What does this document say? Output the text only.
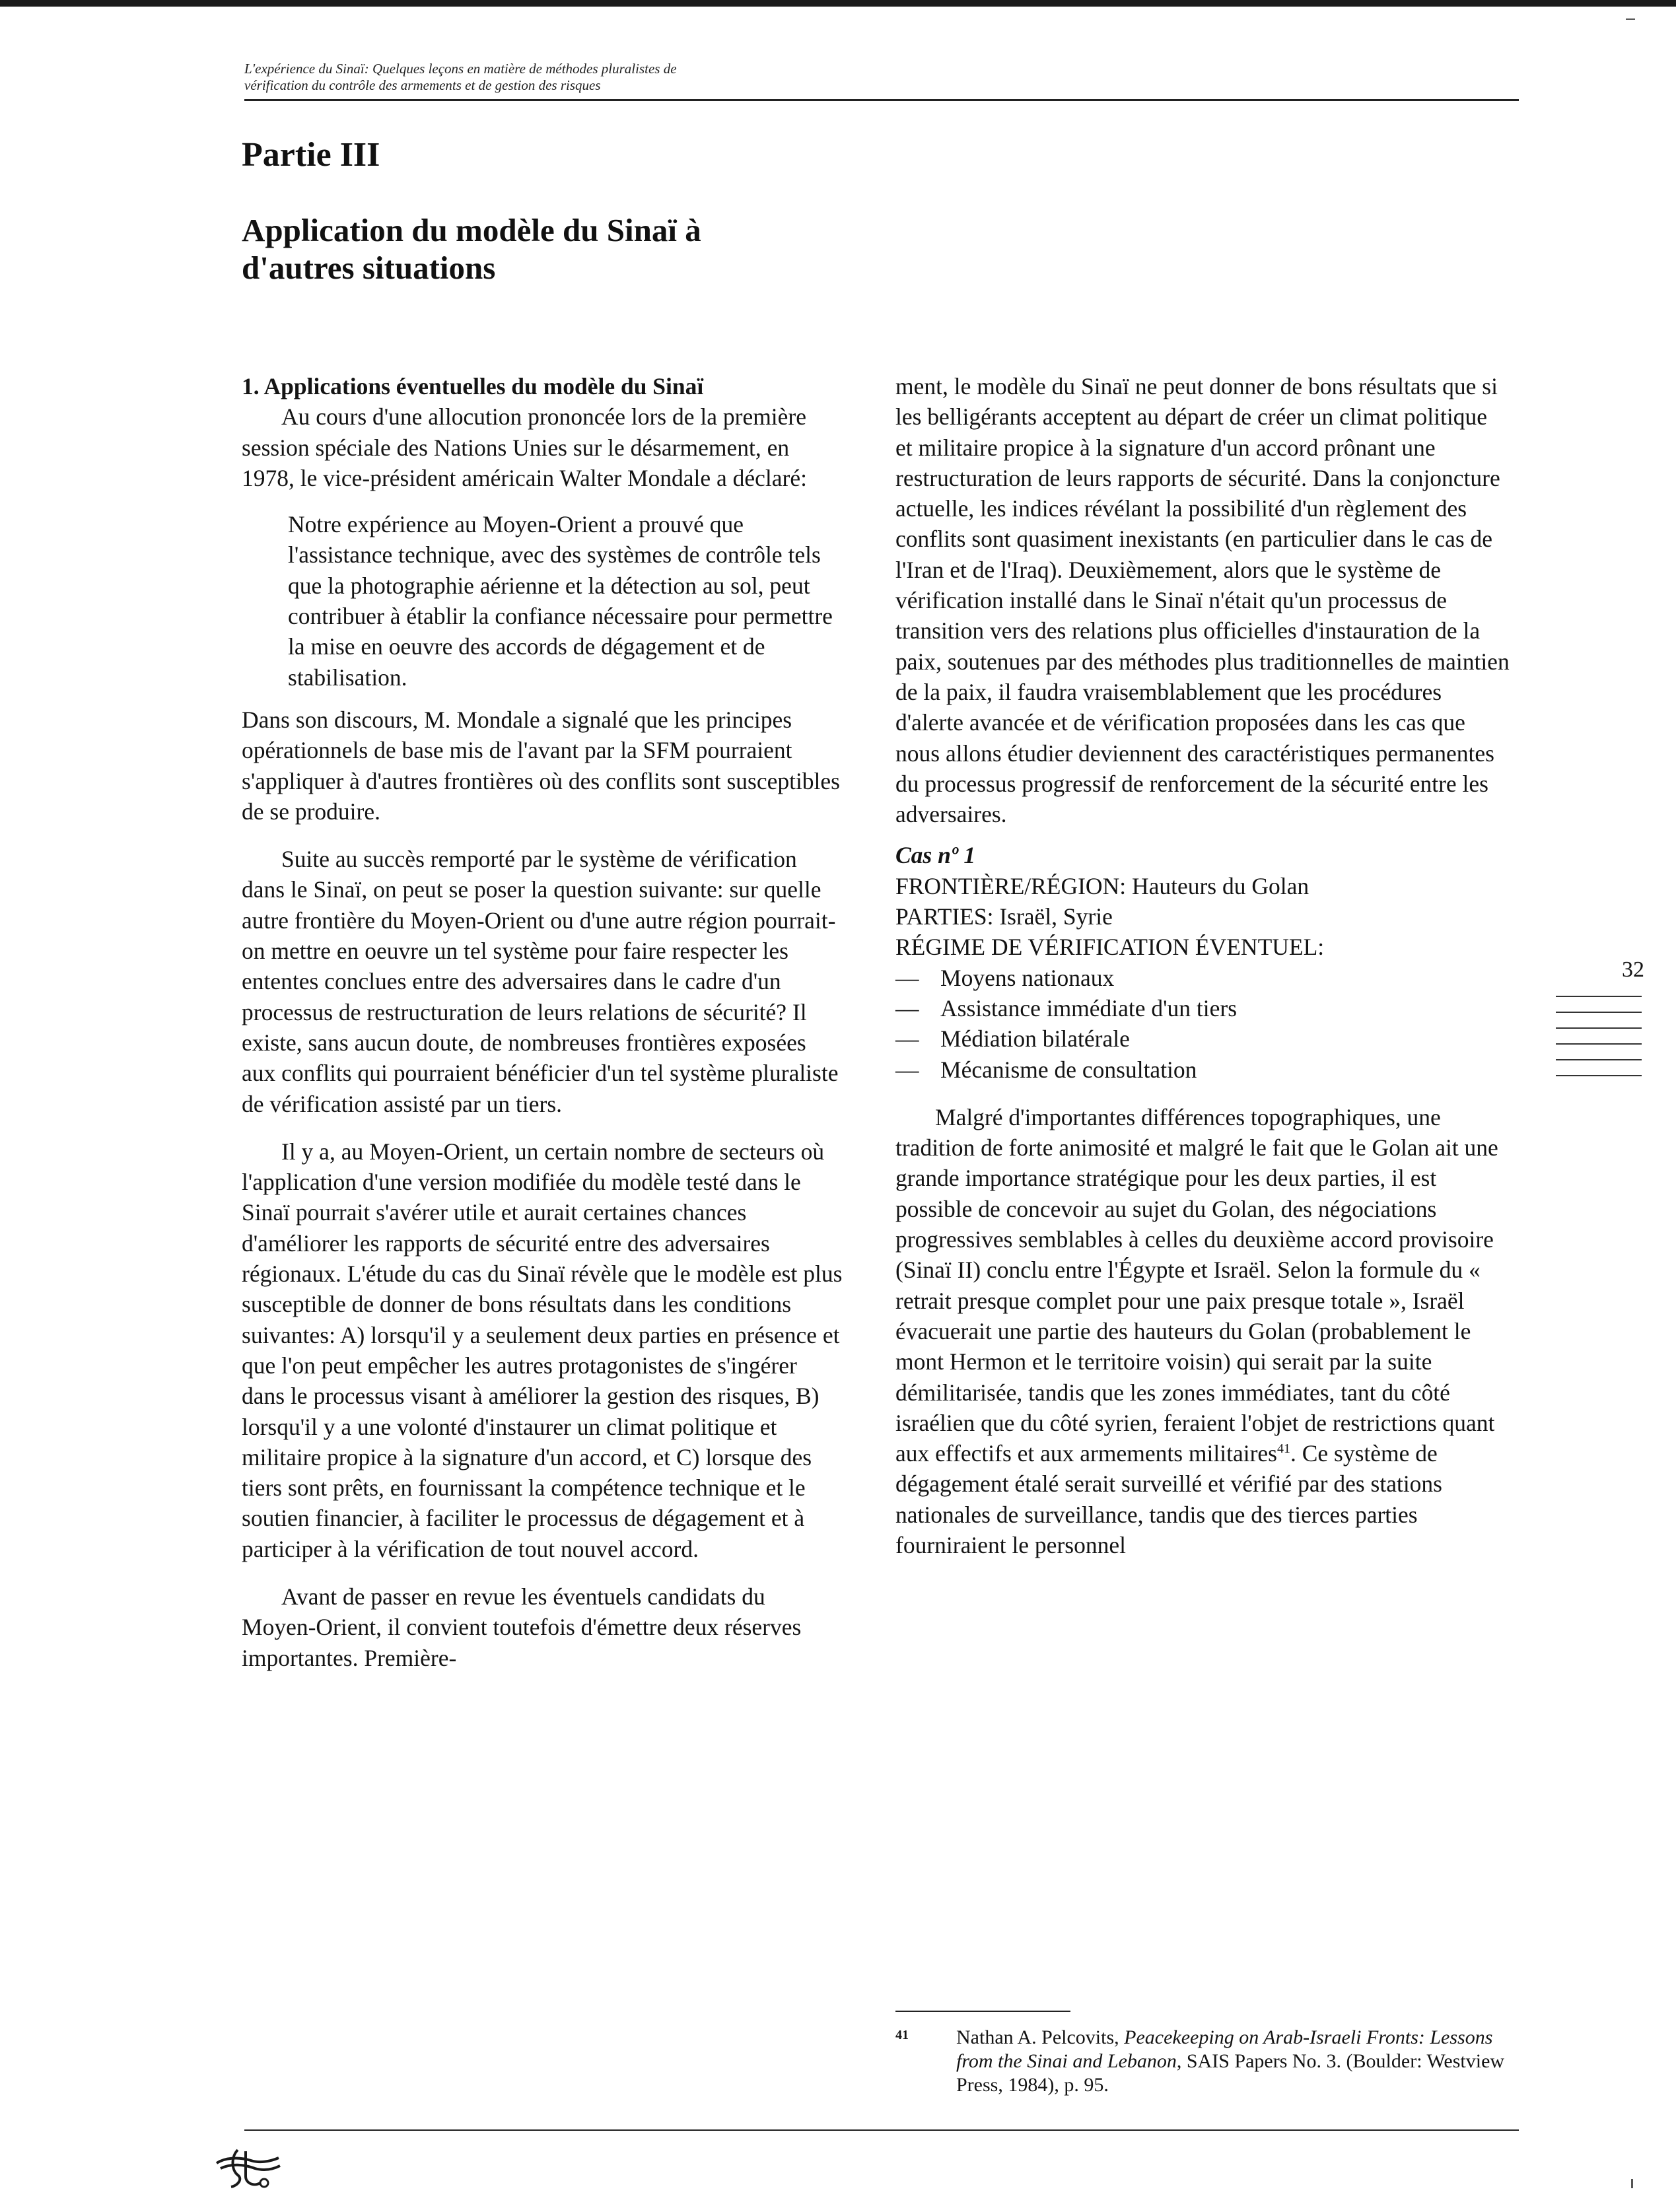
L'expérience du Sinaï: Quelques leçons en matière de méthodes pluralistes de
vérification du contrôle des armements et de gestion des risques
Partie III
Application du modèle du Sinaï à
d'autres situations

1. Applications éventuelles du modèle du Sinaï

Au cours d'une allocution prononcée lors de la première session spéciale des Nations Unies sur le désarmement, en 1978, le vice-président américain Walter Mondale a déclaré:

Notre expérience au Moyen-Orient a prouvé que l'assistance technique, avec des systèmes de contrôle tels que la photographie aérienne et la détection au sol, peut contribuer à établir la confiance nécessaire pour permettre la mise en oeuvre des accords de dégagement et de stabilisation.

Dans son discours, M. Mondale a signalé que les principes opérationnels de base mis de l'avant par la SFM pourraient s'appliquer à d'autres frontières où des conflits sont susceptibles de se produire.

Suite au succès remporté par le système de vérification dans le Sinaï, on peut se poser la question suivante: sur quelle autre frontière du Moyen-Orient ou d'une autre région pourrait-on mettre en oeuvre un tel système pour faire respecter les ententes conclues entre des adversaires dans le cadre d'un processus de restructuration de leurs relations de sécurité? Il existe, sans aucun doute, de nombreuses frontières exposées aux conflits qui pourraient bénéficier d'un tel système pluraliste de vérification assisté par un tiers.

Il y a, au Moyen-Orient, un certain nombre de secteurs où l'application d'une version modifiée du modèle testé dans le Sinaï pourrait s'avérer utile et aurait certaines chances d'améliorer les rapports de sécurité entre des adversaires régionaux. L'étude du cas du Sinaï révèle que le modèle est plus susceptible de donner de bons résultats dans les conditions suivantes: A) lorsqu'il y a seulement deux parties en présence et que l'on peut empêcher les autres protagonistes de s'ingérer dans le processus visant à améliorer la gestion des risques, B) lorsqu'il y a une volonté d'instaurer un climat politique et militaire propice à la signature d'un accord, et C) lorsque des tiers sont prêts, en fournissant la compétence technique et le soutien financier, à faciliter le processus de dégagement et à participer à la vérification de tout nouvel accord.

Avant de passer en revue les éventuels candidats du Moyen-Orient, il convient toutefois d'émettre deux réserves importantes. Première-

ment, le modèle du Sinaï ne peut donner de bons résultats que si les belligérants acceptent au départ de créer un climat politique et militaire propice à la signature d'un accord prônant une restructuration de leurs rapports de sécurité. Dans la conjoncture actuelle, les indices révélant la possibilité d'un règlement des conflits sont quasiment inexistants (en particulier dans le cas de l'Iran et de l'Iraq). Deuxièmement, alors que le système de vérification installé dans le Sinaï n'était qu'un processus de transition vers des relations plus officielles d'instauration de la paix, soutenues par des méthodes plus traditionnelles de maintien de la paix, il faudra vraisemblablement que les procédures d'alerte avancée et de vérification proposées dans les cas que nous allons étudier deviennent des caractéristiques permanentes du processus progressif de renforcement de la sécurité entre les adversaires.

Cas nº 1

FRONTIÈRE/RÉGION: Hauteurs du Golan

PARTIES: Israël, Syrie

RÉGIME DE VÉRIFICATION ÉVENTUEL:

— Moyens nationaux
— Assistance immédiate d'un tiers
— Médiation bilatérale
— Mécanisme de consultation

Malgré d'importantes différences topographiques, une tradition de forte animosité et malgré le fait que le Golan ait une grande importance stratégique pour les deux parties, il est possible de concevoir au sujet du Golan, des négociations progressives semblables à celles du deuxième accord provisoire (Sinaï II) conclu entre l'Égypte et Israël. Selon la formule du « retrait presque complet pour une paix presque totale », Israël évacuerait une partie des hauteurs du Golan (probablement le mont Hermon et le territoire voisin) qui serait par la suite démilitarisée, tandis que les zones immédiates, tant du côté israélien que du côté syrien, feraient l'objet de restrictions quant aux effectifs et aux armements militaires$^{41}$. Ce système de dégagement étalé serait surveillé et vérifié par des stations nationales de surveillance, tandis que des tierces parties fourniraient le personnel

32
41 Nathan A. Pelcovits, Peacekeeping on Arab-Israeli Fronts: Lessons from the Sinai and Lebanon, SAIS Papers No. 3. (Boulder: Westview Press, 1984), p. 95.
